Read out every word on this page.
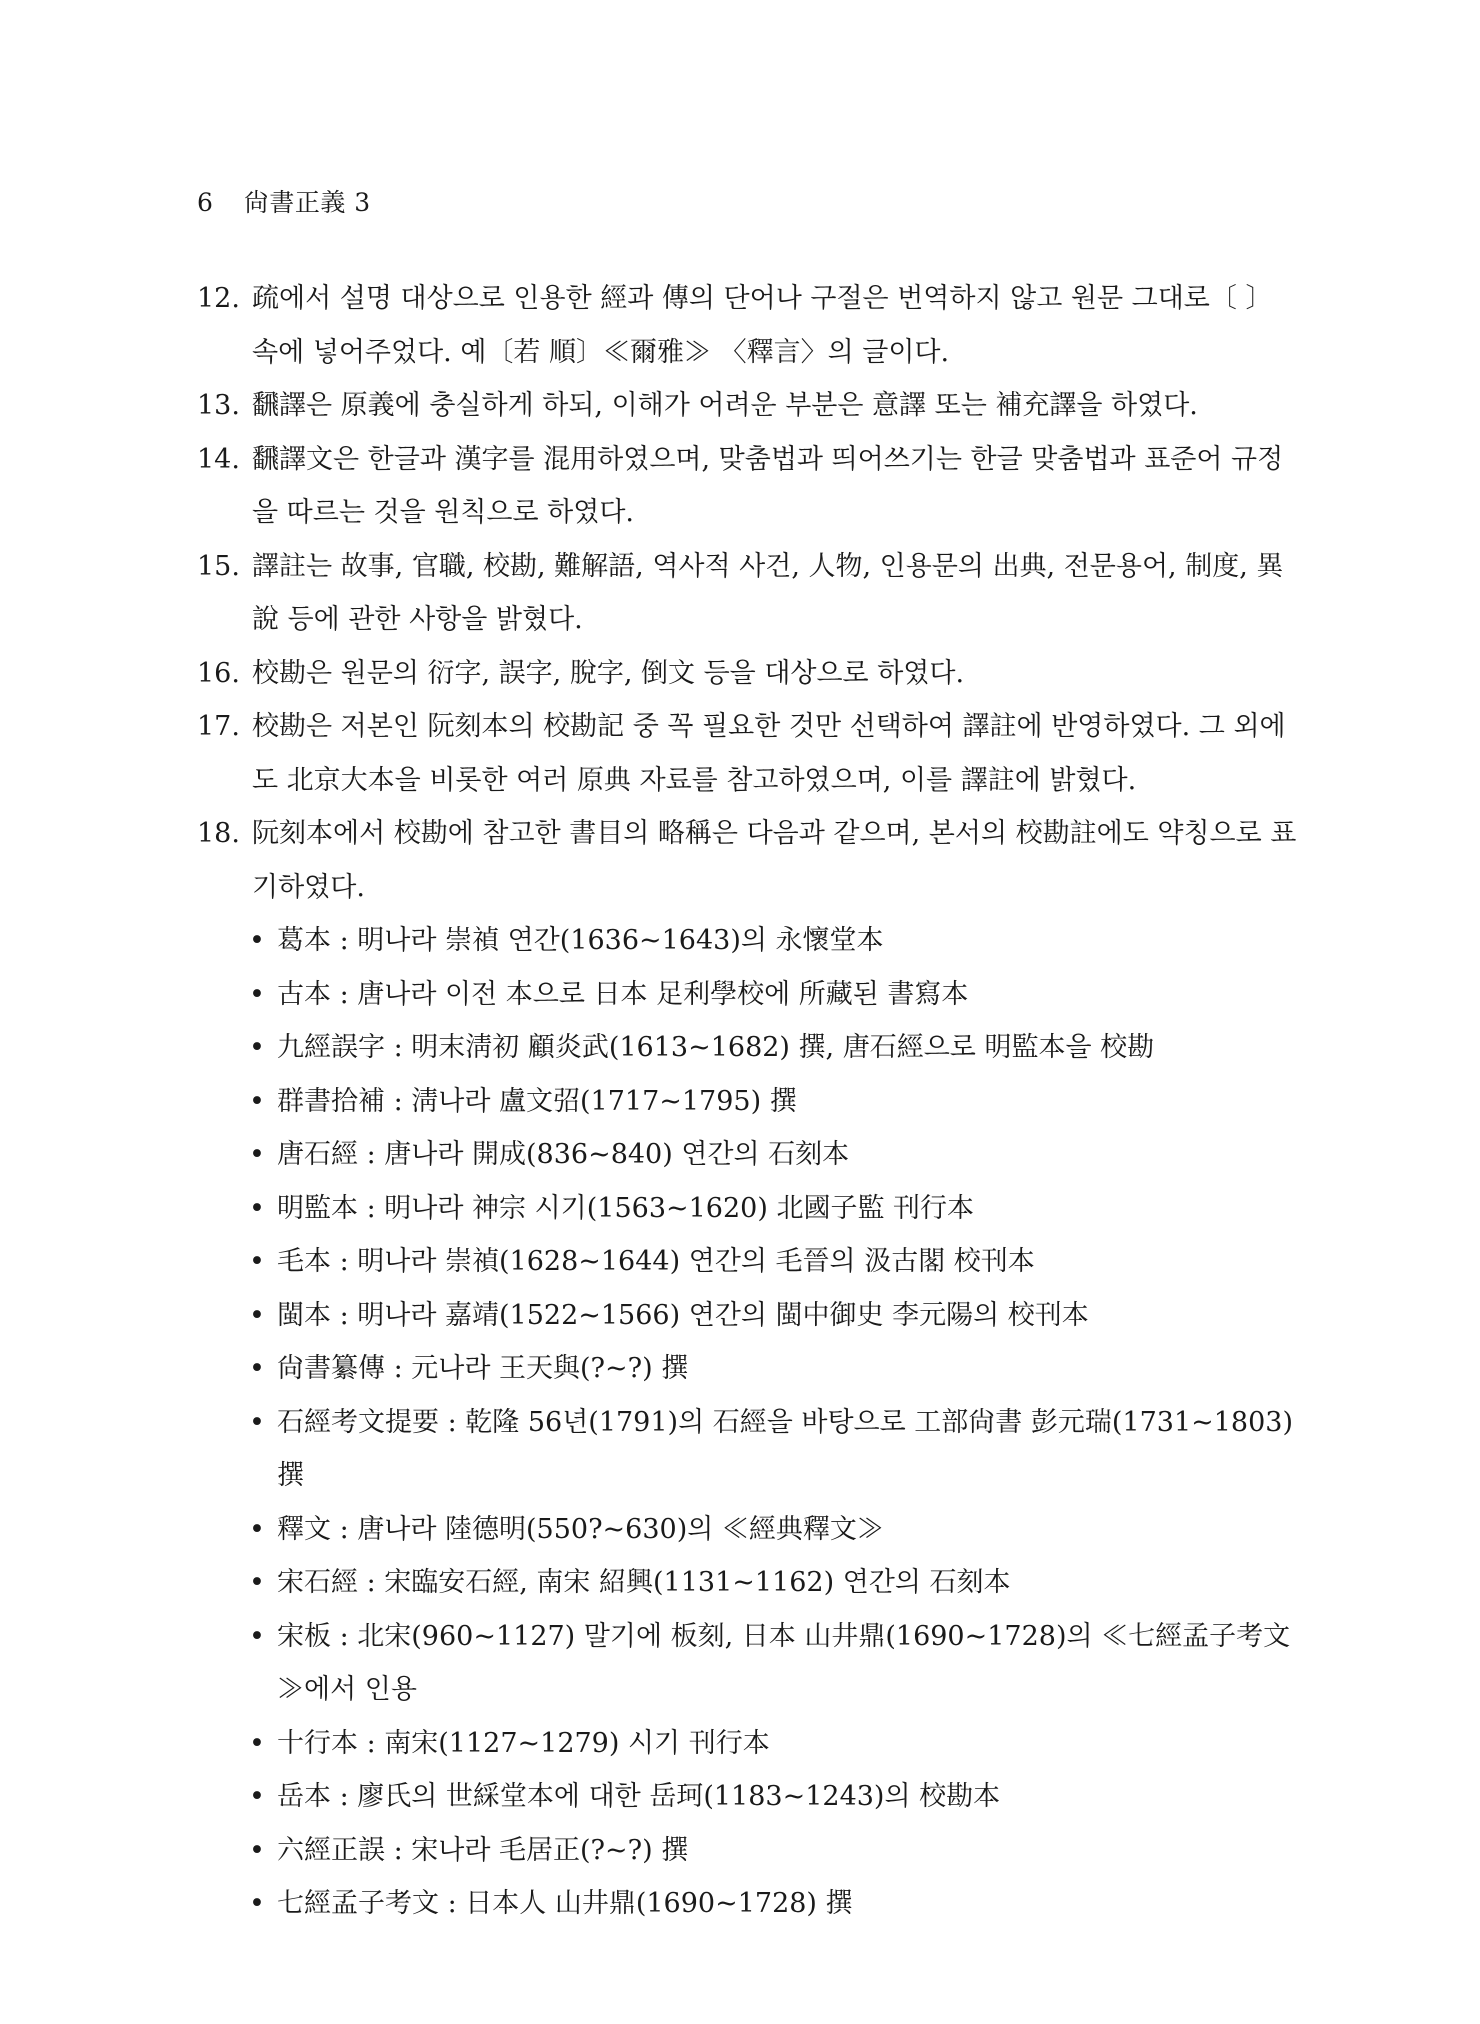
6 尙書正義 3
12. 疏에서 설명 대상으로 인용한 經과 傳의 단어나 구절은 번역하지 않고 원문 그대로〔 〕속에 넣어주었다. 예〔若 順〕≪爾雅≫ 〈釋言〉의 글이다.
13. 飜譯은 原義에 충실하게 하되, 이해가 어려운 부분은 意譯 또는 補充譯을 하였다.
14. 飜譯文은 한글과 漢字를 混用하였으며, 맞춤법과 띄어쓰기는 한글 맞춤법과 표준어 규정을 따르는 것을 원칙으로 하였다.
15. 譯註는 故事, 官職, 校勘, 難解語, 역사적 사건, 人物, 인용문의 出典, 전문용어, 制度, 異說 등에 관한 사항을 밝혔다.
16. 校勘은 원문의 衍字, 誤字, 脫字, 倒文 등을 대상으로 하였다.
17. 校勘은 저본인 阮刻本의 校勘記 중 꼭 필요한 것만 선택하여 譯註에 반영하였다. 그 외에도 北京大本을 비롯한 여러 原典 자료를 참고하였으며, 이를 譯註에 밝혔다.
18. 阮刻本에서 校勘에 참고한 書目의 略稱은 다음과 같으며, 본서의 校勘註에도 약칭으로 표기하였다.
• 葛本 : 明나라 崇禎 연간(1636~1643)의 永懷堂本
• 古本 : 唐나라 이전 本으로 日本 足利學校에 所藏된 書寫本
• 九經誤字 : 明末淸初 顧炎武(1613~1682) 撰, 唐石經으로 明監本을 校勘
• 群書拾補 : 淸나라 盧文弨(1717~1795) 撰
• 唐石經 : 唐나라 開成(836~840) 연간의 石刻本
• 明監本 : 明나라 神宗 시기(1563~1620) 北國子監 刊行本
• 毛本 : 明나라 崇禎(1628~1644) 연간의 毛晉의 汲古閣 校刊本
• 閩本 : 明나라 嘉靖(1522~1566) 연간의 閩中御史 李元陽의 校刊本
• 尙書纂傳 : 元나라 王天與(?~?) 撰
• 石經考文提要 : 乾隆 56년(1791)의 石經을 바탕으로 工部尙書 彭元瑞(1731~1803) 撰
• 釋文 : 唐나라 陸德明(550?~630)의 ≪經典釋文≫
• 宋石經 : 宋臨安石經, 南宋 紹興(1131~1162) 연간의 石刻本
• 宋板 : 北宋(960~1127) 말기에 板刻, 日本 山井鼎(1690~1728)의 ≪七經孟子考文≫에서 인용
• 十行本 : 南宋(1127~1279) 시기 刊行本
• 岳本 : 廖氏의 世綵堂本에 대한 岳珂(1183~1243)의 校勘本
• 六經正誤 : 宋나라 毛居正(?~?) 撰
• 七經孟子考文 : 日本人 山井鼎(1690~1728) 撰
